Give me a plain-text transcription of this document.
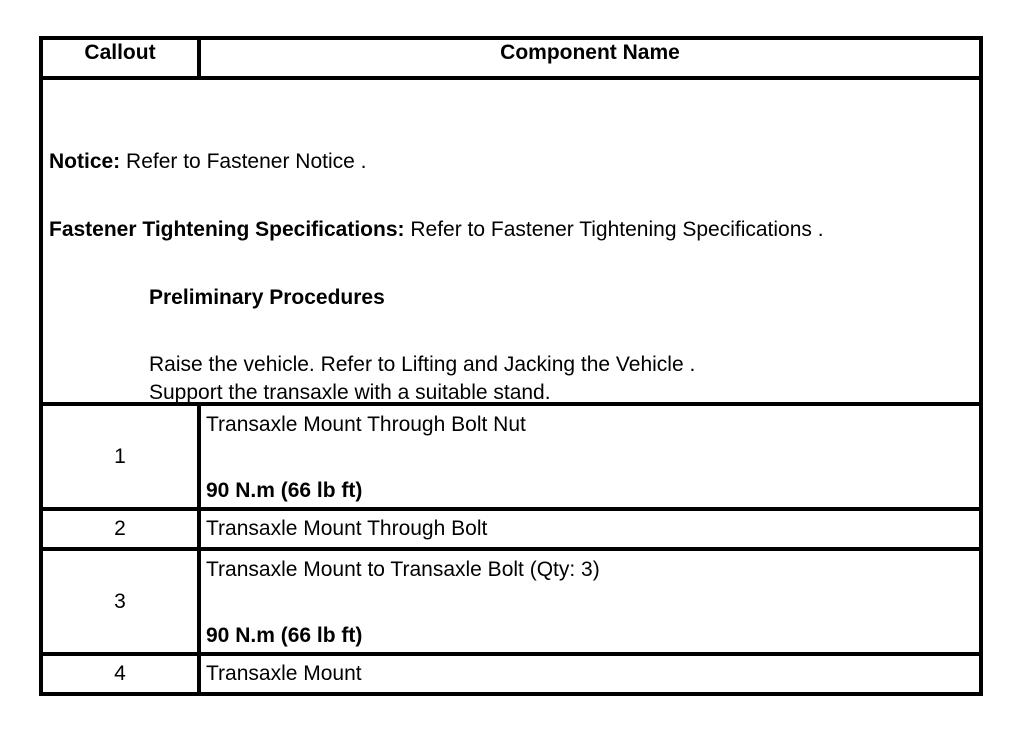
Callout	Component Name

Notice: Refer to Fastener Notice .
Fastener Tightening Specifications: Refer to Fastener Tightening Specifications .
Preliminary Procedures
Raise the vehicle. Refer to Lifting and Jacking the Vehicle .
Support the transaxle with a suitable stand.	

1	Transaxle Mount Through Bolt Nut
90 N.m (66 lb ft)

2	Transaxle Mount Through Bolt
3	Transaxle Mount to Transaxle Bolt (Qty: 3)
90 N.m (66 lb ft)

4	Transaxle Mount
